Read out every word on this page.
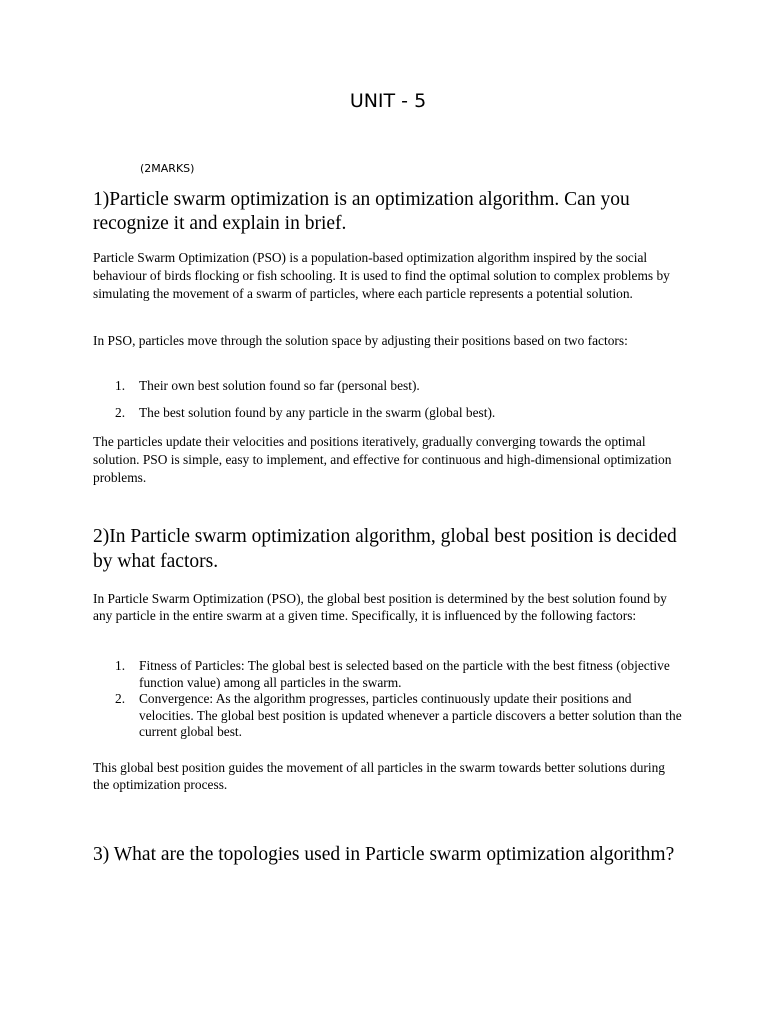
UNIT - 5

(2MARKS)

1)Particle swarm optimization is an optimization algorithm. Can you recognize it and explain in brief.

Particle Swarm Optimization (PSO) is a population-based optimization algorithm inspired by the social behaviour of birds flocking or fish schooling. It is used to find the optimal solution to complex problems by simulating the movement of a swarm of particles, where each particle represents a potential solution.

In PSO, particles move through the solution space by adjusting their positions based on two factors:

1. Their own best solution found so far (personal best).
2. The best solution found by any particle in the swarm (global best).

The particles update their velocities and positions iteratively, gradually converging towards the optimal solution. PSO is simple, easy to implement, and effective for continuous and high-dimensional optimization problems.

2)In Particle swarm optimization algorithm, global best position is decided by what factors.

In Particle Swarm Optimization (PSO), the global best position is determined by the best solution found by any particle in the entire swarm at a given time. Specifically, it is influenced by the following factors:

1. Fitness of Particles: The global best is selected based on the particle with the best fitness (objective function value) among all particles in the swarm.
2. Convergence: As the algorithm progresses, particles continuously update their positions and velocities. The global best position is updated whenever a particle discovers a better solution than the current global best.

This global best position guides the movement of all particles in the swarm towards better solutions during the optimization process.

3) What are the topologies used in Particle swarm optimization algorithm?
